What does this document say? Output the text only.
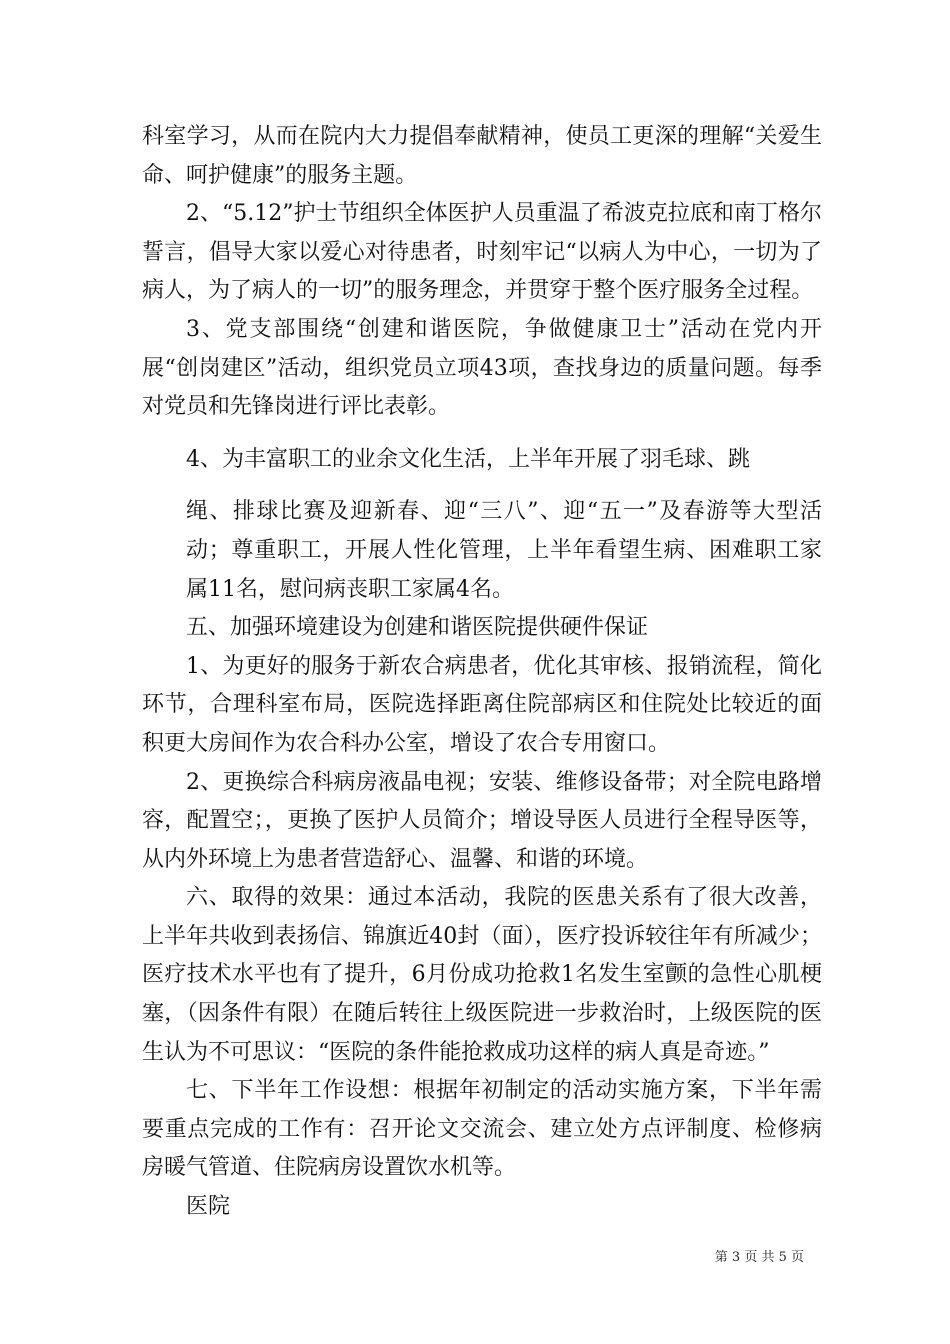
科室学习，从而在院内大力提倡奉献精神，使员工更深的理解“关爱生命、呵护健康”的服务主题。

2、“5.12”护士节组织全体医护人员重温了希波克拉底和南丁格尔誓言，倡导大家以爱心对待患者，时刻牢记“以病人为中心，一切为了病人，为了病人的一切”的服务理念，并贯穿于整个医疗服务全过程。

3、党支部围绕“创建和谐医院，争做健康卫士”活动在党内开展“创岗建区”活动，组织党员立项43项，查找身边的质量问题。每季对党员和先锋岗进行评比表彰。

4、为丰富职工的业余文化生活，上半年开展了羽毛球、跳

绳、排球比赛及迎新春、迎“三八”、迎“五一”及春游等大型活动；尊重职工，开展人性化管理，上半年看望生病、困难职工家属11名，慰问病丧职工家属4名。

五、加强环境建设为创建和谐医院提供硬件保证

1、为更好的服务于新农合病患者，优化其审核、报销流程，简化环节，合理科室布局，医院选择距离住院部病区和住院处比较近的面积更大房间作为农合科办公室，增设了农合专用窗口。

2、更换综合科病房液晶电视；安装、维修设备带；对全院电路增容，配置空；，更换了医护人员简介；增设导医人员进行全程导医等，从内外环境上为患者营造舒心、温馨、和谐的环境。

六、取得的效果：通过本活动，我院的医患关系有了很大改善，上半年共收到表扬信、锦旗近40封（面），医疗投诉较往年有所减少；医疗技术水平也有了提升，6月份成功抢救1名发生室颤的急性心肌梗塞，（因条件有限）在随后转往上级医院进一步救治时，上级医院的医生认为不可思议：“医院的条件能抢救成功这样的病人真是奇迹。”

七、下半年工作设想：根据年初制定的活动实施方案，下半年需要重点完成的工作有：召开论文交流会、建立处方点评制度、检修病房暖气管道、住院病房设置饮水机等。

医院

第 3 页 共 5 页
